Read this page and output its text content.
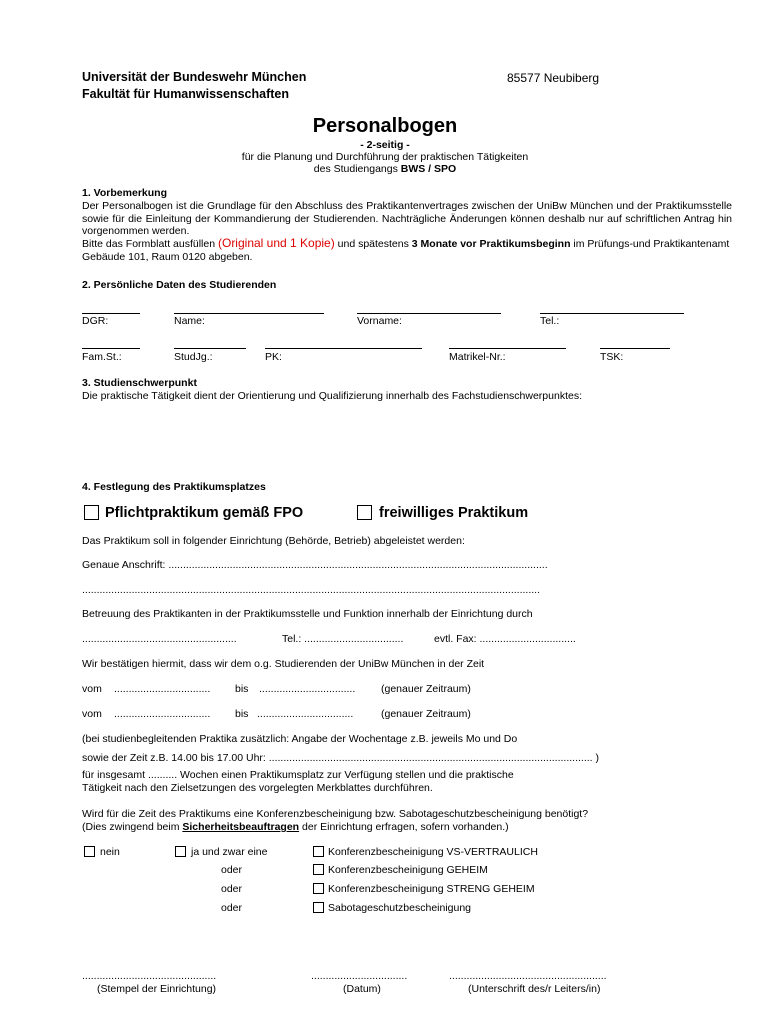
Universität der Bundeswehr München
Fakultät für Humanwissenschaften
85577 Neubiberg
Personalbogen
- 2-seitig -
für die Planung und Durchführung der praktischen Tätigkeiten
des Studiengangs BWS / SPO
1. Vorbemerkung
Der Personalbogen ist die Grundlage für den Abschluss des Praktikantenvertrages zwischen der UniBw München und der Praktikumsstelle sowie für die Einleitung der Kommandierung der Studierenden. Nachträgliche Änderungen können deshalb nur auf schriftlichen Antrag hin vorgenommen werden.
Bitte das Formblatt ausfüllen (Original und 1 Kopie) und spätestens 3 Monate vor Praktikumsbeginn im Prüfungs-und Praktikantenamt Gebäude 101, Raum 0120 abgeben.
2. Persönliche Daten des Studierenden
DGR:	Name:	Vorname:	Tel.:
Fam.St.:	StudJg.:	PK:	Matrikel-Nr.:	TSK:
3. Studienschwerpunkt
Die praktische Tätigkeit dient der Orientierung und Qualifizierung innerhalb des Fachstudienschwerpunktes:
4. Festlegung des Praktikumsplatzes
Pflichtpraktikum gemäß FPO	freiwilliges Praktikum
Das Praktikum soll in folgender Einrichtung (Behörde, Betrieb) abgeleistet werden:
Genaue Anschrift: ..................................................................................................................................
.............................................................................................................................................................
Betreuung des Praktikanten in der Praktikumsstelle und Funktion innerhalb der Einrichtung durch
.....................................................	Tel.: ..................................	evtl. Fax: .................................
Wir bestätigen hiermit, dass wir dem o.g. Studierenden der UniBw München in der Zeit
vom ................................. bis ................................. (genauer Zeitraum)
vom ................................. bis .................................	(genauer Zeitraum)
(bei studienbegleitenden Praktika zusätzlich: Angabe der Wochentage z.B. jeweils Mo und Do
sowie der Zeit z.B. 14.00 bis 17.00 Uhr: ............................................................................................................... )
für insgesamt .......... Wochen einen Praktikumsplatz zur Verfügung stellen und die praktische
Tätigkeit nach den Zielsetzungen des vorgelegten Merkblattes durchführen.
Wird für die Zeit des Praktikums eine Konferenzbescheinigung bzw. Sabotageschutzbescheinigung benötigt?
(Dies zwingend beim Sicherheitsbeauftragen der Einrichtung erfragen, sofern vorhanden.)
nein	ja und zwar eine	Konferenzbescheinigung VS-VERTRAULICH
oder	Konferenzbescheinigung GEHEIM
oder	Konferenzbescheinigung STRENG GEHEIM
oder	Sabotageschutzbescheinigung
..............................................	.................................	......................................................
(Stempel der Einrichtung)	(Datum)	(Unterschrift des/r Leiters/in)
